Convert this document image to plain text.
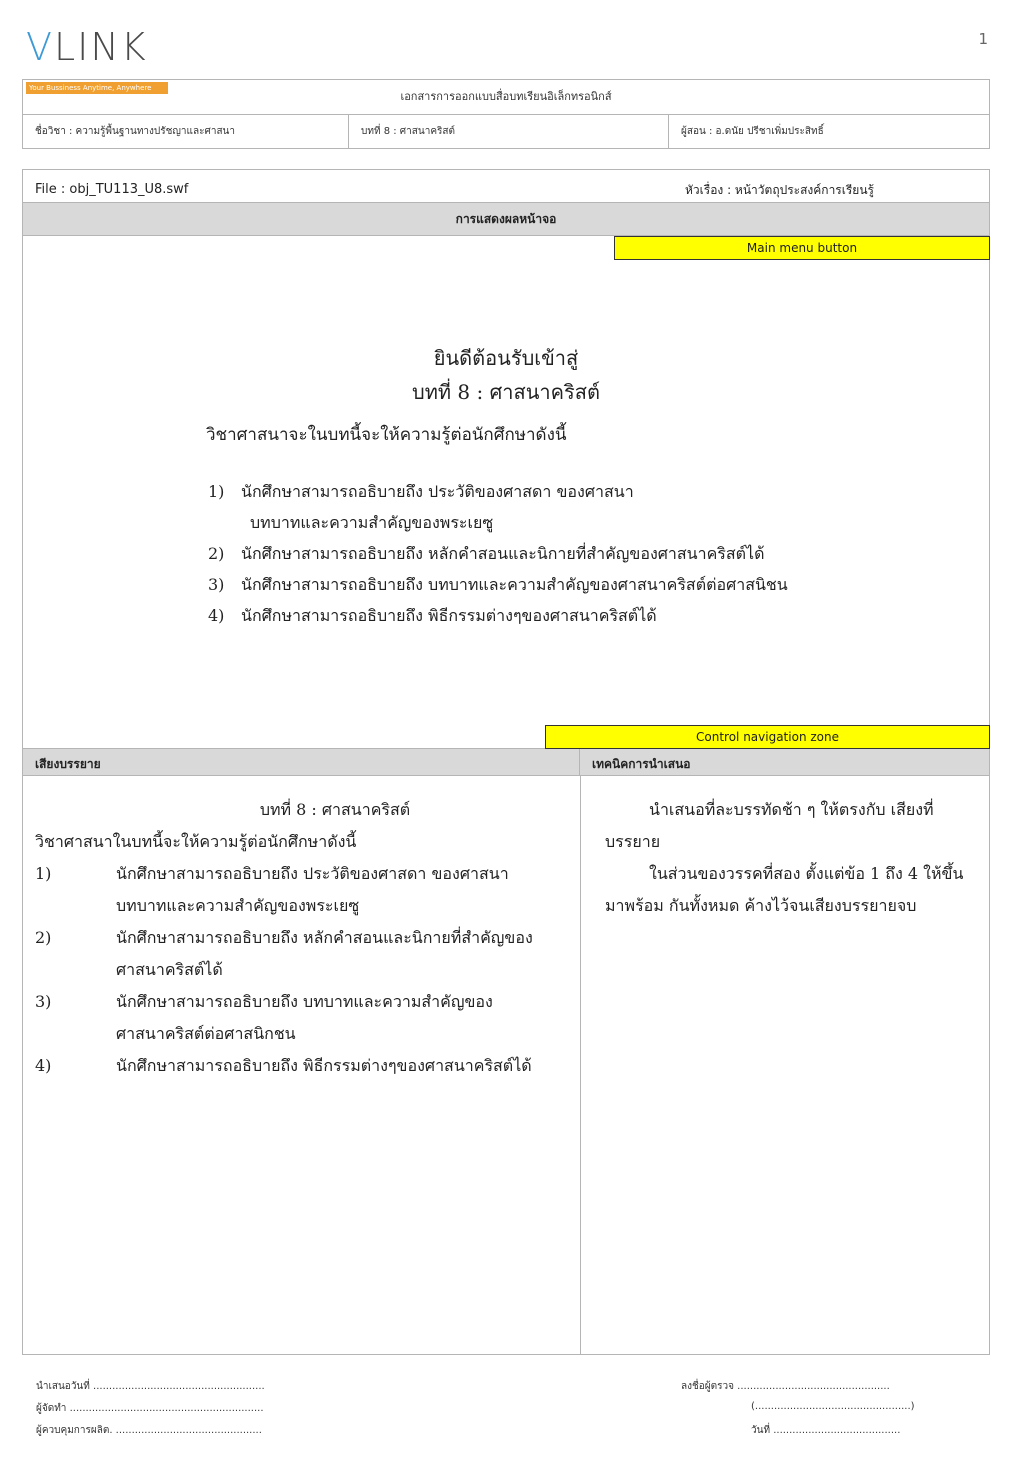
VLINK
Your Bussiness Anytime, Anywhere
1
เอกสารการออกแบบสื่อบทเรียนอิเล็กทรอนิกส์
ชื่อวิชา : ความรู้พื้นฐานทางปรัชญาและศาสนา	บทที่ 8 : ศาสนาคริสต์	ผู้สอน : อ.ดนัย ปรีชาเพิ่มประสิทธิ์
File : obj_TU113_U8.swf	หัวเรื่อง : หน้าวัตถุประสงค์การเรียนรู้
การแสดงผลหน้าจอ
Main menu button
ยินดีต้อนรับเข้าสู่
บทที่ 8 : ศาสนาคริสต์
วิชาศาสนาจะในบทนี้จะให้ความรู้ต่อนักศึกษาดังนี้
1) นักศึกษาสามารถอธิบายถึง ประวัติของศาสดา ของศาสนา
บทบาทและความสำคัญของพระเยซู
2) นักศึกษาสามารถอธิบายถึง หลักคำสอนและนิกายที่สำคัญของศาสนาคริสต์ได้
3) นักศึกษาสามารถอธิบายถึง บทบาทและความสำคัญของศาสนาคริสต์ต่อศาสนิชน
4) นักศึกษาสามารถอธิบายถึง พิธีกรรมต่างๆของศาสนาคริสต์ได้
Control navigation zone
เสียงบรรยาย	เทคนิคการนำเสนอ
บทที่ 8 : ศาสนาคริสต์
วิชาศาสนาในบทนี้จะให้ความรู้ต่อนักศึกษาดังนี้
1)	นักศึกษาสามารถอธิบายถึง ประวัติของศาสดา ของศาสนา
บทบาทและความสำคัญของพระเยซู
2)	นักศึกษาสามารถอธิบายถึง หลักคำสอนและนิกายที่สำคัญของ
ศาสนาคริสต์ได้
3)	นักศึกษาสามารถอธิบายถึง บทบาทและความสำคัญของ
ศาสนาคริสต์ต่อศาสนิกชน
4)	นักศึกษาสามารถอธิบายถึง พิธีกรรมต่างๆของศาสนาคริสต์ได้

นำเสนอที่ละบรรทัดช้า ๆ ให้ตรงกับ เสียงที่บรรยาย

ในส่วนของวรรคที่สอง ตั้งแต่ข้อ 1 ถึง 4 ให้ขึ้นมาพร้อม กันทั้งหมด ค้างไว้จนเสียงบรรยายจบ

นำเสนอวันที่ ......................................................
ผู้จัดทำ .............................................................
ผู้ควบคุมการผลิต. ..............................................
ลงชื่อผู้ตรวจ ................................................
(.................................................)
วันที่ ........................................
